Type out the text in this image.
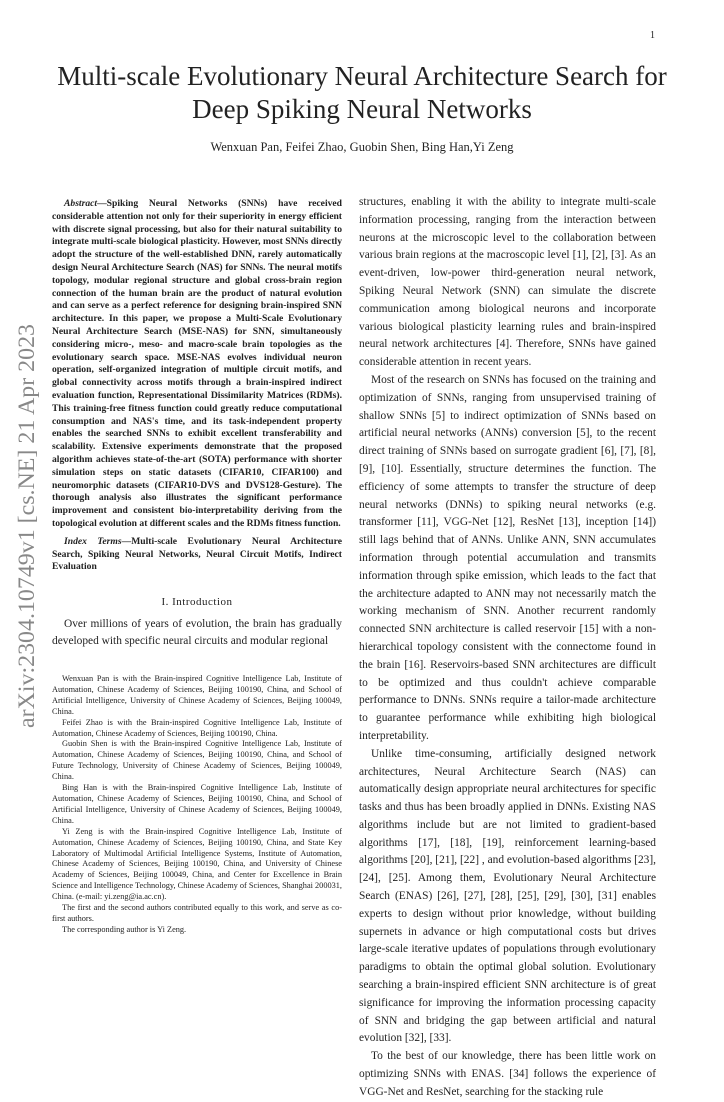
1
arXiv:2304.10749v1 [cs.NE] 21 Apr 2023
Multi-scale Evolutionary Neural Architecture Search for Deep Spiking Neural Networks
Wenxuan Pan, Feifei Zhao, Guobin Shen, Bing Han,Yi Zeng

Abstract—Spiking Neural Networks (SNNs) have received considerable attention not only for their superiority in energy efficient with discrete signal processing, but also for their natural suitability to integrate multi-scale biological plasticity. However, most SNNs directly adopt the structure of the well-established DNN, rarely automatically design Neural Architecture Search (NAS) for SNNs. The neural motifs topology, modular regional structure and global cross-brain region connection of the human brain are the product of natural evolution and can serve as a perfect reference for designing brain-inspired SNN architecture. In this paper, we propose a Multi-Scale Evolutionary Neural Architecture Search (MSE-NAS) for SNN, simultaneously considering micro-, meso- and macro-scale brain topologies as the evolutionary search space. MSE-NAS evolves individual neuron operation, self-organized integration of multiple circuit motifs, and global connectivity across motifs through a brain-inspired indirect evaluation function, Representational Dissimilarity Matrices (RDMs). This training-free fitness function could greatly reduce computational consumption and NAS's time, and its task-independent property enables the searched SNNs to exhibit excellent transferability and scalability. Extensive experiments demonstrate that the proposed algorithm achieves state-of-the-art (SOTA) performance with shorter simulation steps on static datasets (CIFAR10, CIFAR100) and neuromorphic datasets (CIFAR10-DVS and DVS128-Gesture). The thorough analysis also illustrates the significant performance improvement and consistent bio-interpretability deriving from the topological evolution at different scales and the RDMs fitness function.

Index Terms—Multi-scale Evolutionary Neural Architecture Search, Spiking Neural Networks, Neural Circuit Motifs, Indirect Evaluation

I. Introduction

Over millions of years of evolution, the brain has gradually developed with specific neural circuits and modular regional

Wenxuan Pan is with the Brain-inspired Cognitive Intelligence Lab, Institute of Automation, Chinese Academy of Sciences, Beijing 100190, China, and School of Artificial Intelligence, University of Chinese Academy of Sciences, Beijing 100049, China.

Feifei Zhao is with the Brain-inspired Cognitive Intelligence Lab, Institute of Automation, Chinese Academy of Sciences, Beijing 100190, China.

Guobin Shen is with the Brain-inspired Cognitive Intelligence Lab, Institute of Automation, Chinese Academy of Sciences, Beijing 100190, China, and School of Future Technology, University of Chinese Academy of Sciences, Beijing 100049, China.

Bing Han is with the Brain-inspired Cognitive Intelligence Lab, Institute of Automation, Chinese Academy of Sciences, Beijing 100190, China, and School of Artificial Intelligence, University of Chinese Academy of Sciences, Beijing 100049, China.

Yi Zeng is with the Brain-inspired Cognitive Intelligence Lab, Institute of Automation, Chinese Academy of Sciences, Beijing 100190, China, and State Key Laboratory of Multimodal Artificial Intelligence Systems, Institute of Automation, Chinese Academy of Sciences, Beijing 100190, China, and University of Chinese Academy of Sciences, Beijing 100049, China, and Center for Excellence in Brain Science and Intelligence Technology, Chinese Academy of Sciences, Shanghai 200031, China. (e-mail: yi.zeng@ia.ac.cn).

The first and the second authors contributed equally to this work, and serve as co-first authors.

The corresponding author is Yi Zeng.

structures, enabling it with the ability to integrate multi-scale information processing, ranging from the interaction between neurons at the microscopic level to the collaboration between various brain regions at the macroscopic level [1], [2], [3]. As an event-driven, low-power third-generation neural network, Spiking Neural Network (SNN) can simulate the discrete communication among biological neurons and incorporate various biological plasticity learning rules and brain-inspired neural network architectures [4]. Therefore, SNNs have gained considerable attention in recent years.

Most of the research on SNNs has focused on the training and optimization of SNNs, ranging from unsupervised training of shallow SNNs [5] to indirect optimization of SNNs based on artificial neural networks (ANNs) conversion [5], to the recent direct training of SNNs based on surrogate gradient [6], [7], [8], [9], [10]. Essentially, structure determines the function. The efficiency of some attempts to transfer the structure of deep neural networks (DNNs) to spiking neural networks (e.g. transformer [11], VGG-Net [12], ResNet [13], inception [14]) still lags behind that of ANNs. Unlike ANN, SNN accumulates information through potential accumulation and transmits information through spike emission, which leads to the fact that the architecture adapted to ANN may not necessarily match the working mechanism of SNN. Another recurrent randomly connected SNN architecture is called reservoir [15] with a non-hierarchical topology consistent with the connectome found in the brain [16]. Reservoirs-based SNN architectures are difficult to be optimized and thus couldn't achieve comparable performance to DNNs. SNNs require a tailor-made architecture to guarantee performance while exhibiting high biological interpretability.

Unlike time-consuming, artificially designed network architectures, Neural Architecture Search (NAS) can automatically design appropriate neural architectures for specific tasks and thus has been broadly applied in DNNs. Existing NAS algorithms include but are not limited to gradient-based algorithms [17], [18], [19], reinforcement learning-based algorithms [20], [21], [22] , and evolution-based algorithms [23], [24], [25]. Among them, Evolutionary Neural Architecture Search (ENAS) [26], [27], [28], [25], [29], [30], [31] enables experts to design without prior knowledge, without building supernets in advance or high computational costs but drives large-scale iterative updates of populations through evolutionary paradigms to obtain the optimal global solution. Evolutionary searching a brain-inspired efficient SNN architecture is of great significance for improving the information processing capacity of SNN and bridging the gap between artificial and natural evolution [32], [33].

To the best of our knowledge, there has been little work on optimizing SNNs with ENAS. [34] follows the experience of VGG-Net and ResNet, searching for the stacking rule
